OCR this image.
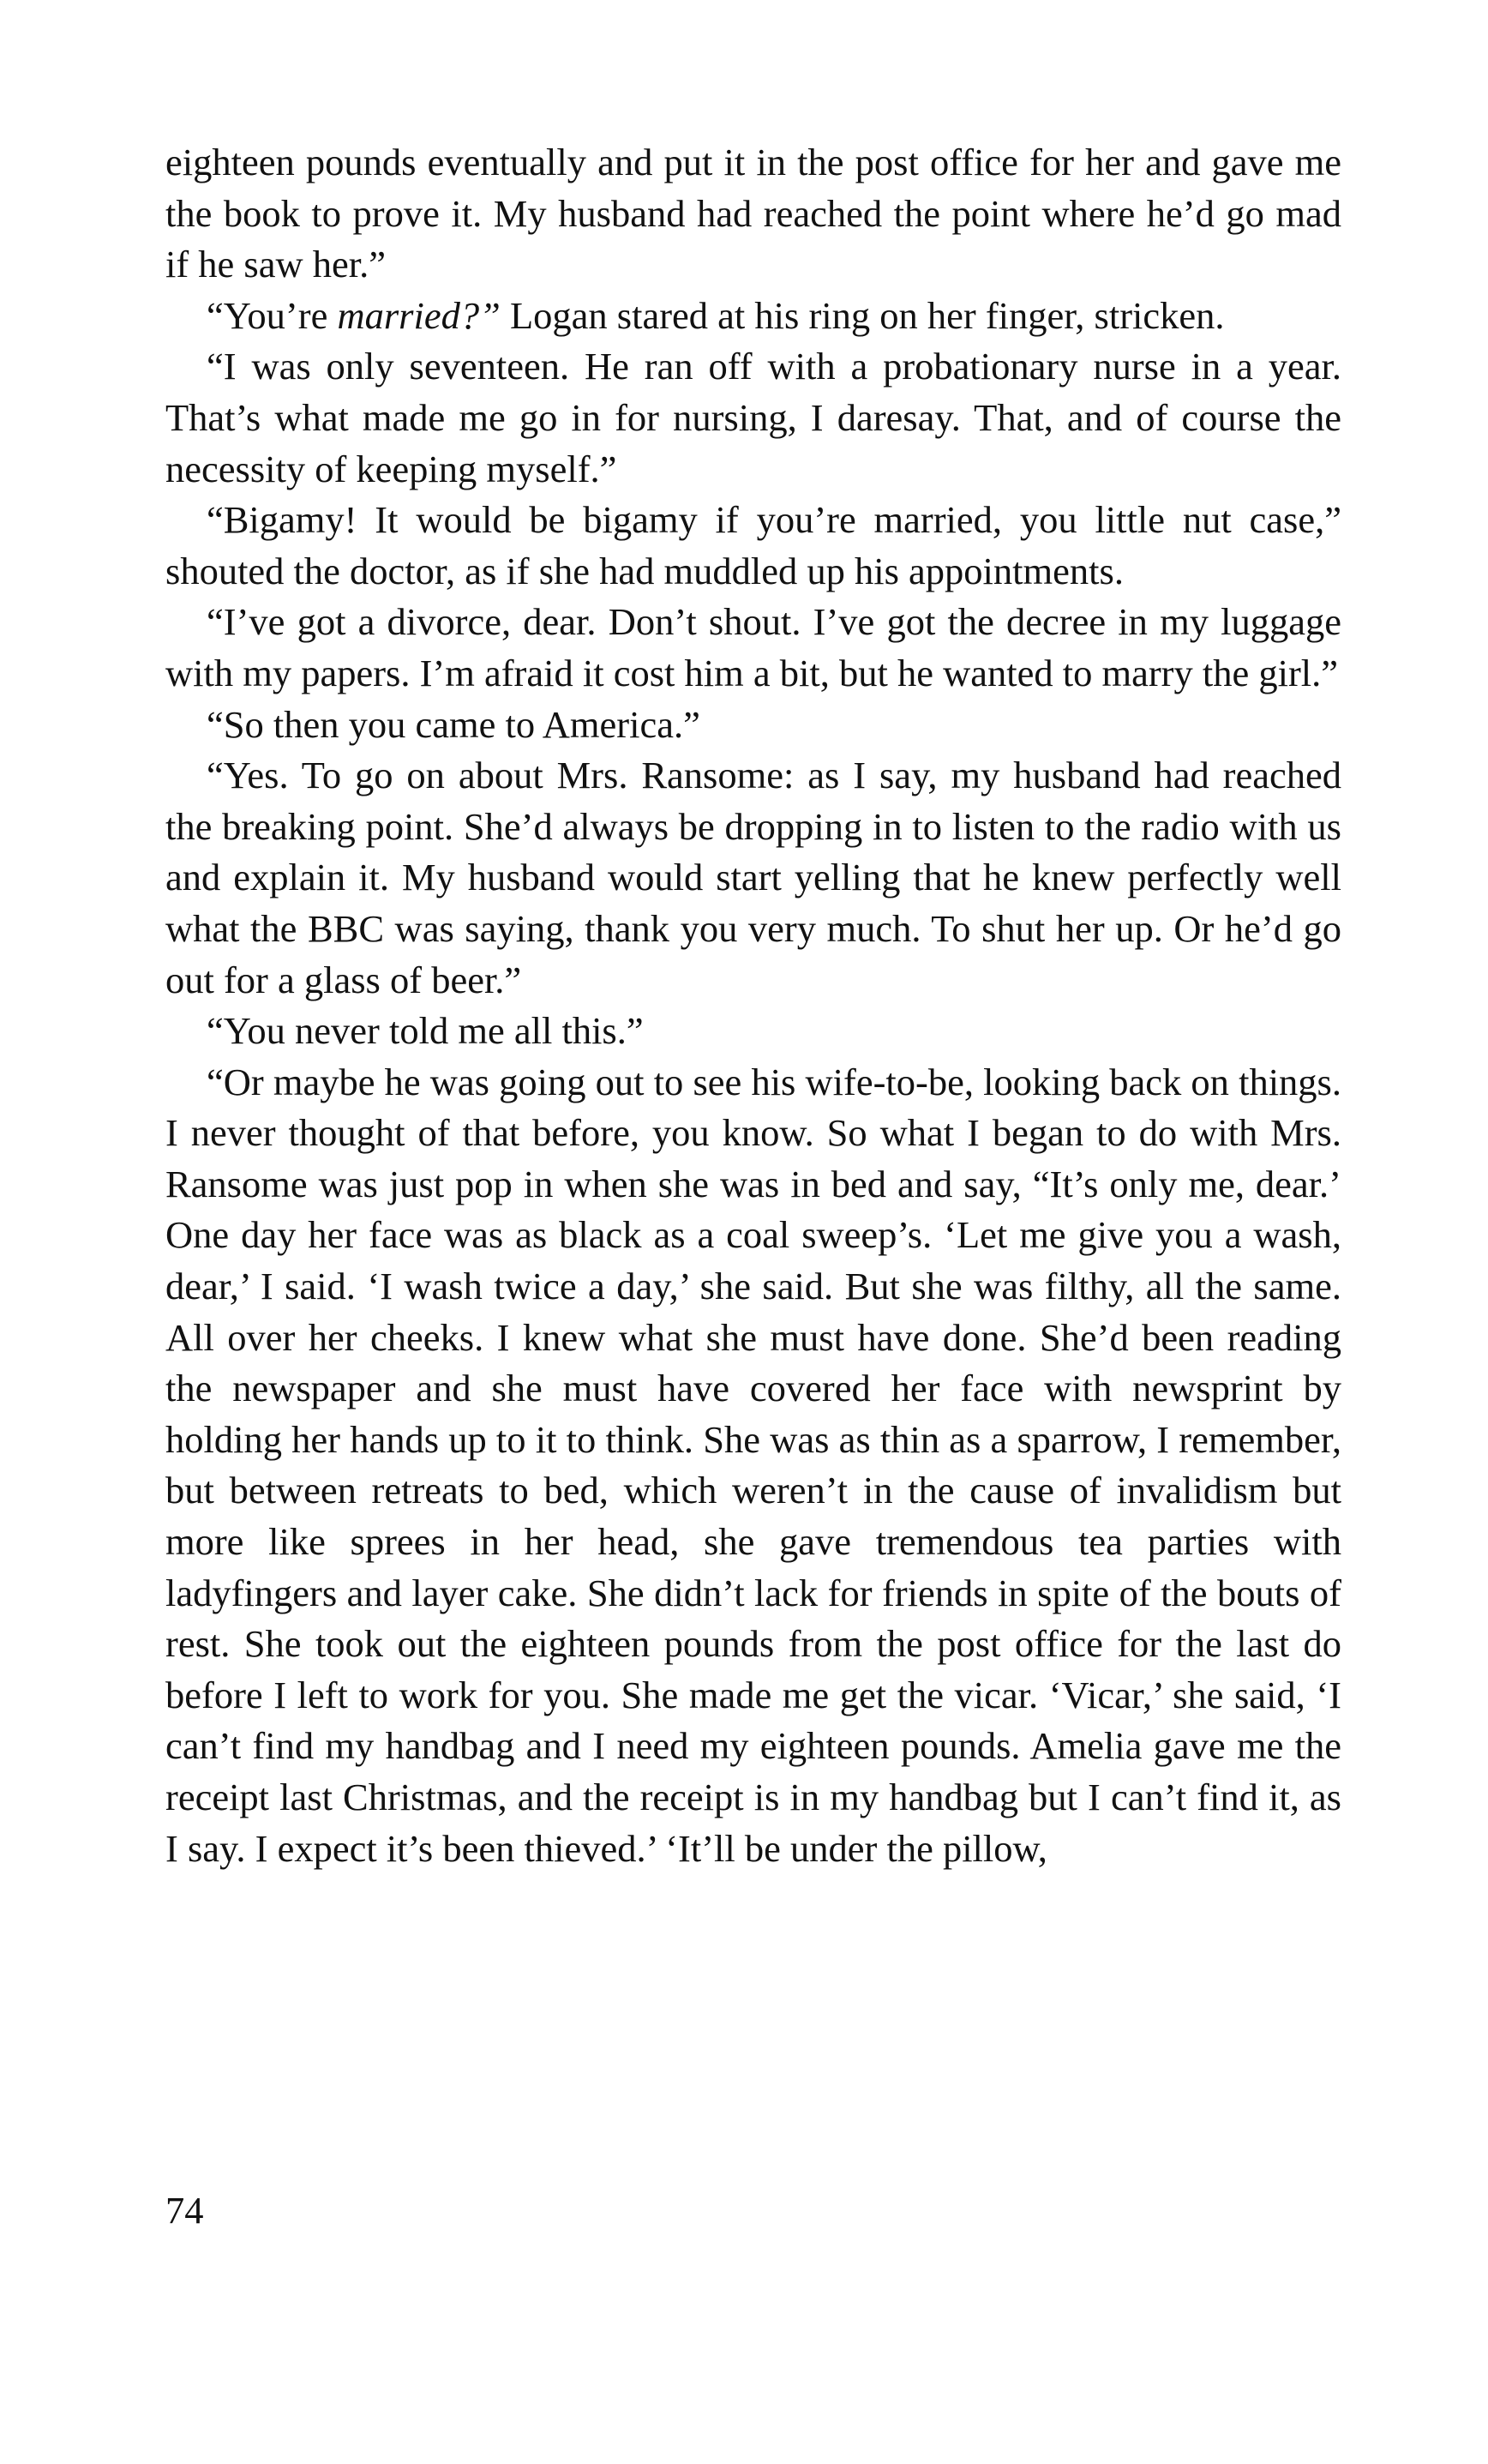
eighteen pounds eventually and put it in the post office for her and gave me the book to prove it. My husband had reached the point where he’d go mad if he saw her.”

“You’re married?” Logan stared at his ring on her finger, stricken.

“I was only seventeen. He ran off with a probationary nurse in a year. That’s what made me go in for nursing, I daresay. That, and of course the necessity of keeping myself.”

“Bigamy! It would be bigamy if you’re married, you little nut case,” shouted the doctor, as if she had muddled up his appointments.

“I’ve got a divorce, dear. Don’t shout. I’ve got the decree in my luggage with my papers. I’m afraid it cost him a bit, but he wanted to marry the girl.”

“So then you came to America.”

“Yes. To go on about Mrs. Ransome: as I say, my husband had reached the breaking point. She’d always be dropping in to listen to the radio with us and explain it. My husband would start yelling that he knew perfectly well what the BBC was saying, thank you very much. To shut her up. Or he’d go out for a glass of beer.”

“You never told me all this.”

“Or maybe he was going out to see his wife-to-be, looking back on things. I never thought of that before, you know. So what I began to do with Mrs. Ransome was just pop in when she was in bed and say, “It’s only me, dear.’ One day her face was as black as a coal sweep’s. ‘Let me give you a wash, dear,’ I said. ‘I wash twice a day,’ she said. But she was filthy, all the same. All over her cheeks. I knew what she must have done. She’d been reading the newspaper and she must have covered her face with newsprint by holding her hands up to it to think. She was as thin as a sparrow, I remember, but between retreats to bed, which weren’t in the cause of invalidism but more like sprees in her head, she gave tremendous tea parties with ladyfingers and layer cake. She didn’t lack for friends in spite of the bouts of rest. She took out the eighteen pounds from the post office for the last do before I left to work for you. She made me get the vicar. ‘Vicar,’ she said, ‘I can’t find my handbag and I need my eighteen pounds. Amelia gave me the receipt last Christmas, and the receipt is in my handbag but I can’t find it, as I say. I expect it’s been thieved.’ ‘It’ll be under the pillow,

74
